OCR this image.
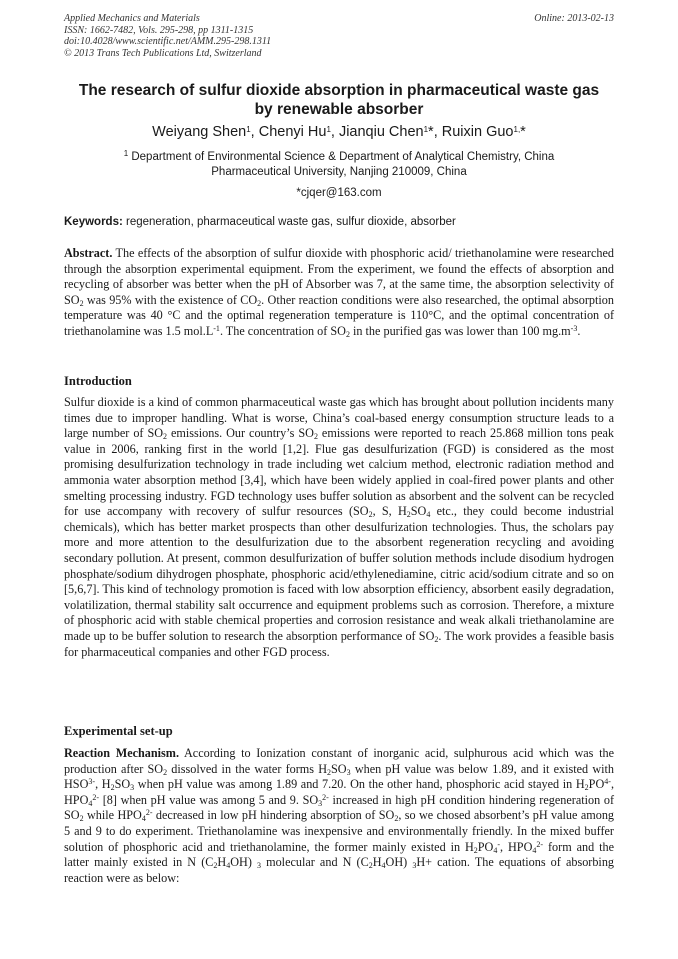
Applied Mechanics and Materials
ISSN: 1662-7482, Vols. 295-298, pp 1311-1315
doi:10.4028/www.scientific.net/AMM.295-298.1311
© 2013 Trans Tech Publications Ltd, Switzerland
Online: 2013-02-13
The research of sulfur dioxide absorption in pharmaceutical waste gas
by renewable absorber
Weiyang Shen$^1$, Chenyi Hu$^1$, Jianqiu Chen$^1$*, Ruixin Guo$^{1,}$*
$^1$ Department of Environmental Science & Department of Analytical Chemistry, China
Pharmaceutical University, Nanjing 210009, China
*cjqer@163.com
Keywords: regeneration, pharmaceutical waste gas, sulfur dioxide, absorber
Abstract. The effects of the absorption of sulfur dioxide with phosphoric acid/ triethanolamine were researched through the absorption experimental equipment. From the experiment, we found the effects of absorption and recycling of absorber was better when the pH of Absorber was 7, at the same time, the absorption selectivity of $SO_2$ was 95% with the existence of $CO_2$. Other reaction conditions were also researched, the optimal absorption temperature was 40 °C and the optimal regeneration temperature is 110°C, and the optimal concentration of triethanolamine was 1.5 $mol.L^{-1}$. The concentration of $SO_2$ in the purified gas was lower than 100 $mg.m^{-3}$.
Introduction
Sulfur dioxide is a kind of common pharmaceutical waste gas which has brought about pollution incidents many times due to improper handling. What is worse, China’s coal-based energy consumption structure leads to a large number of $SO_2$ emissions. Our country’s $SO_2$ emissions were reported to reach 25.868 million tons peak value in 2006, ranking first in the world [1,2]. Flue gas desulfurization (FGD) is considered as the most promising desulfurization technology in trade including wet calcium method, electronic radiation method and ammonia water absorption method [3,4], which have been widely applied in coal-fired power plants and other smelting processing industry. FGD technology uses buffer solution as absorbent and the solvent can be recycled for use accompany with recovery of sulfur resources ($SO_2$, S, $H_2SO_4$ etc., they could become industrial chemicals), which has better market prospects than other desulfurization technologies. Thus, the scholars pay more and more attention to the desulfurization due to the absorbent regeneration recycling and avoiding secondary pollution. At present, common desulfurization of buffer solution methods include disodium hydrogen phosphate/sodium dihydrogen phosphate, phosphoric acid/ethylenediamine, citric acid/sodium citrate and so on [5,6,7]. This kind of technology promotion is faced with low absorption efficiency, absorbent easily degradation, volatilization, thermal stability salt occurrence and equipment problems such as corrosion. Therefore, a mixture of phosphoric acid with stable chemical properties and corrosion resistance and weak alkali triethanolamine are made up to be buffer solution to research the absorption performance of $SO_2$. The work provides a feasible basis for pharmaceutical companies and other FGD process.
Experimental set-up
Reaction Mechanism. According to Ionization constant of inorganic acid, sulphurous acid which was the production after $SO_2$ dissolved in the water forms $H_2SO_3$ when pH value was below 1.89, and it existed with $HSO^{3-}$, $H_2SO_3$ when pH value was among 1.89 and 7.20. On the other hand, phosphoric acid stayed in $H_2PO^{4-}$, $HPO_4^{2-}$ [8] when pH value was among 5 and 9. $SO_3^{2-}$ increased in high pH condition hindering regeneration of $SO_2$ while $HPO_4^{2-}$ decreased in low pH hindering absorption of $SO_2$, so we chosed absorbent’s pH value among 5 and 9 to do experiment. Triethanolamine was inexpensive and environmentally friendly. In the mixed buffer solution of phosphoric acid and triethanolamine, the former mainly existed in $H_2PO_4^-$, $HPO_4^{2-}$ form and the latter mainly existed in N $(C_2H_4OH)$ $_3$ molecular and N $(C_2H_4OH)$ $_3$H+ cation. The equations of absorbing reaction were as below:
